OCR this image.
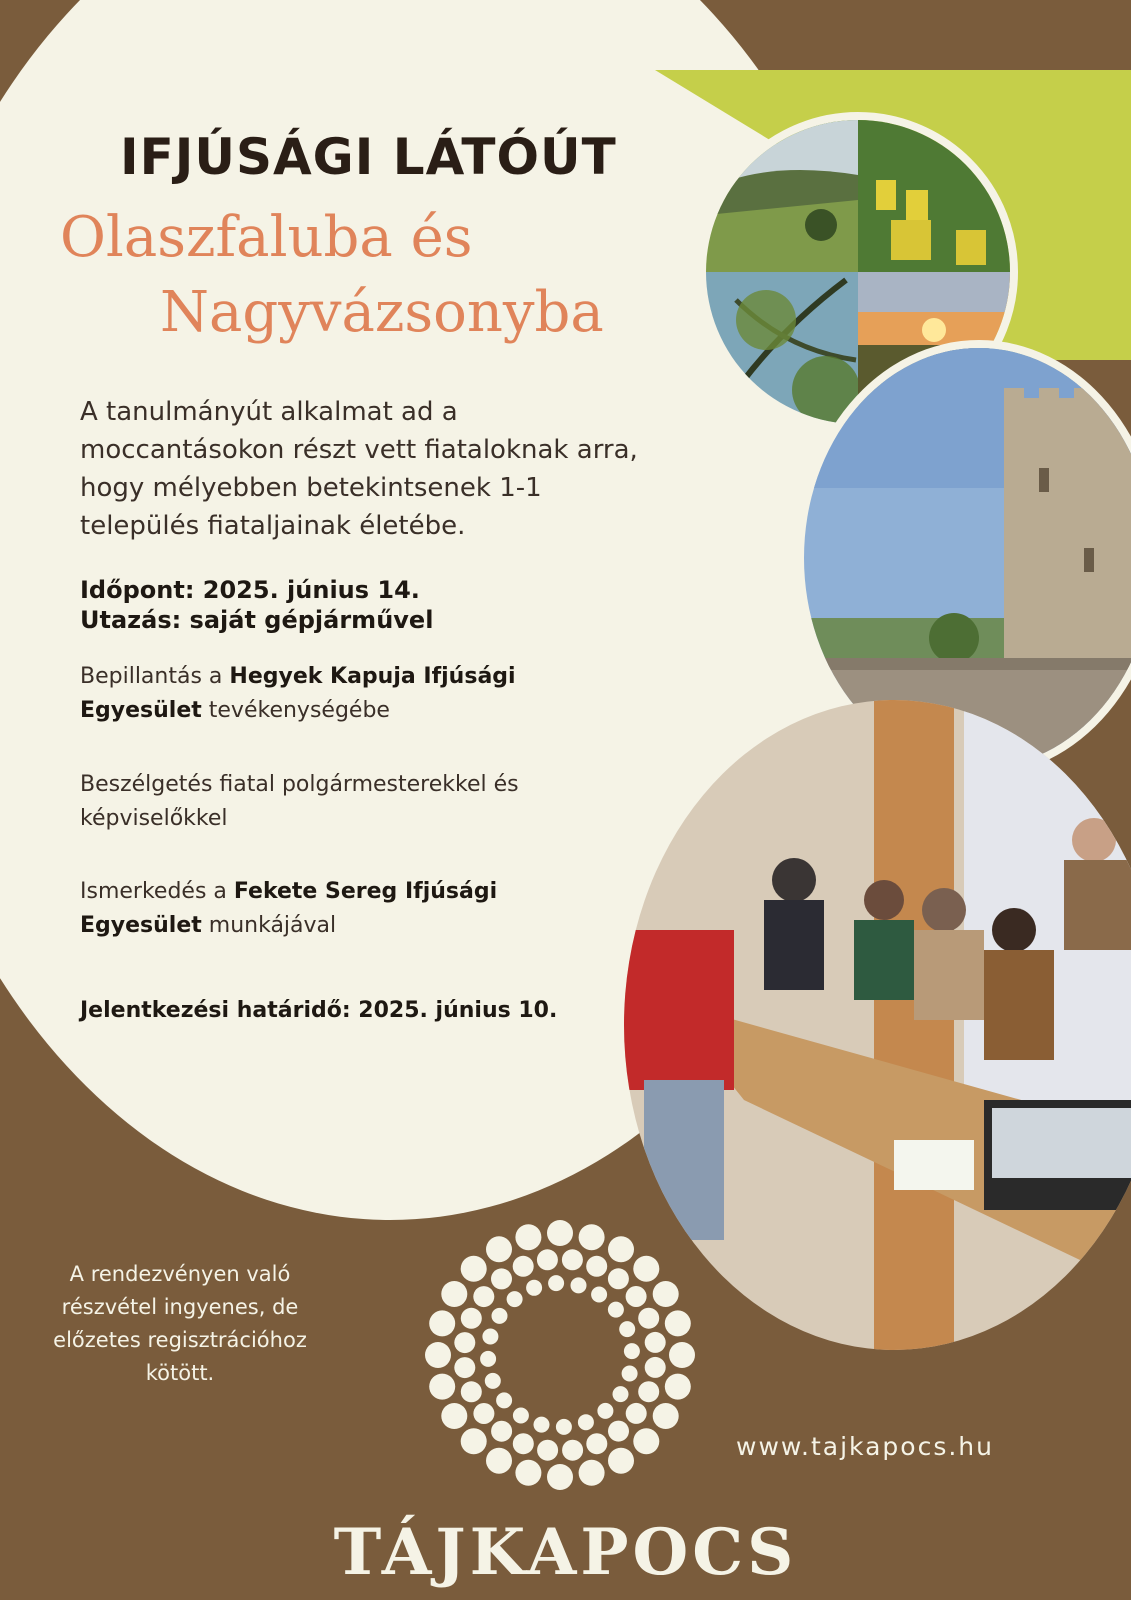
IFJÚSÁGI LÁTÓÚT
Olaszfaluba és
Nagyvázsonyba

A tanulmányút alkalmat ad a moccantásokon részt vett fiataloknak arra, hogy mélyebben betekintsenek 1-1 település fiataljainak életébe.

Időpont: 2025. június 14.
Utazás: saját gépjárművel

Bepillantás a Hegyek Kapuja Ifjúsági Egyesület tevékenységébe

Beszélgetés fiatal polgármesterekkel és képviselőkkel

Ismerkedés a Fekete Sereg Ifjúsági Egyesület munkájával

Jelentkezési határidő: 2025. június 10.

A rendezvényen való részvétel ingyenes, de előzetes regisztrációhoz kötött.

www.tajkapocs.hu
TÁJKAPOCS
